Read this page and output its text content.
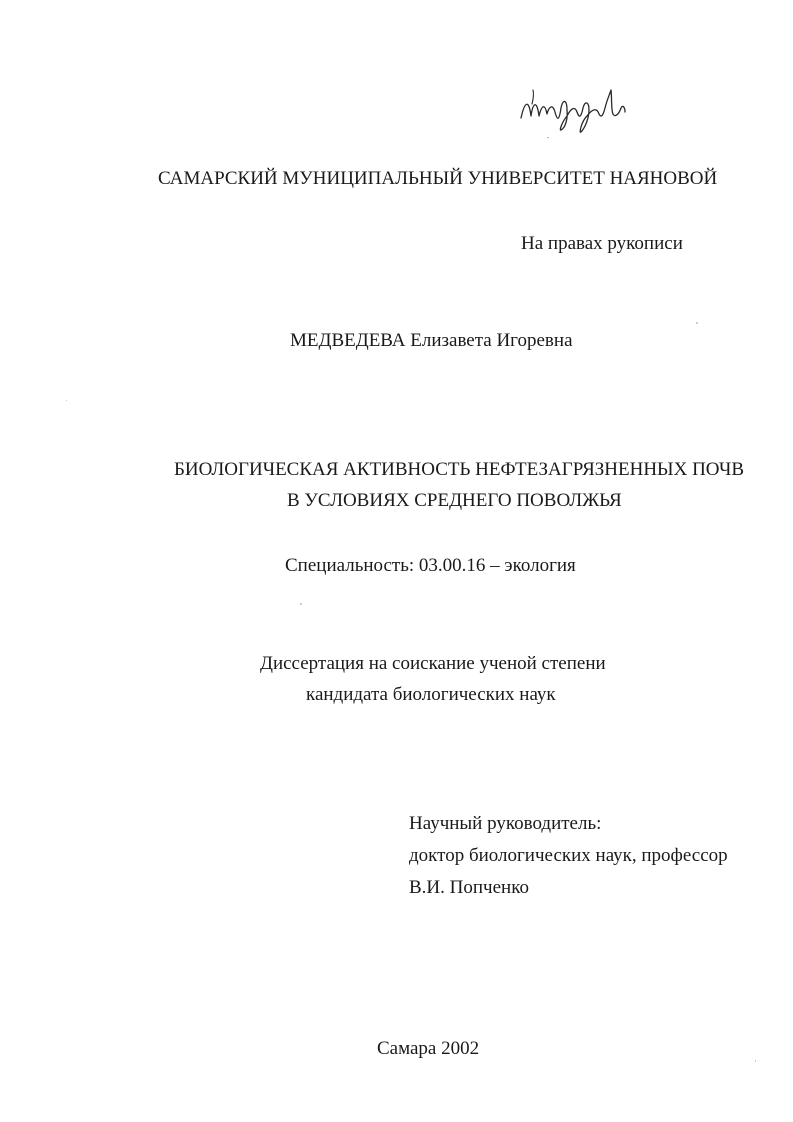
САМАРСКИЙ МУНИЦИПАЛЬНЫЙ УНИВЕРСИТЕТ НАЯНОВОЙ
На правах рукописи
МЕДВЕДЕВА Елизавета Игоревна
БИОЛОГИЧЕСКАЯ АКТИВНОСТЬ НЕФТЕЗАГРЯЗНЕННЫХ ПОЧВ
В УСЛОВИЯХ СРЕДНЕГО ПОВОЛЖЬЯ
Специальность: 03.00.16 – экология
Диссертация на соискание ученой степени
кандидата биологических наук
Научный руководитель:
доктор биологических наук, профессор
В.И. Попченко
Самара 2002
